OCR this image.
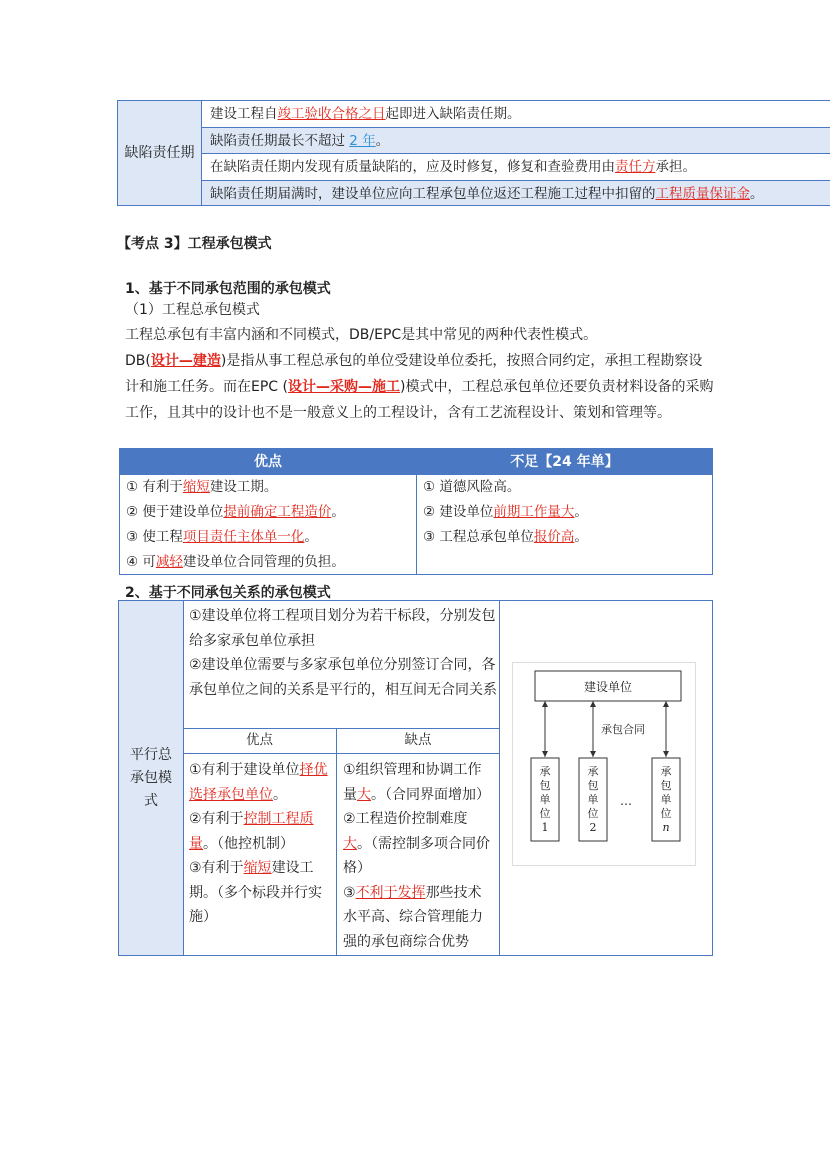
缺陷责任期
建设工程自竣工验收合格之日起即进入缺陷责任期。
缺陷责任期最长不超过 2 年。
在缺陷责任期内发现有质量缺陷的，应及时修复，修复和查验费用由责任方承担。
缺陷责任期届满时，建设单位应向工程承包单位返还工程施工过程中扣留的工程质量保证金。
【考点 3】工程承包模式
1、基于不同承包范围的承包模式
（1）工程总承包模式
工程总承包有丰富内涵和不同模式，DB/EPC是其中常见的两种代表性模式。
DB(设计—建造)是指从事工程总承包的单位受建设单位委托，按照合同约定，承担工程勘察设计和施工任务。而在EPC (设计—采购—施工)模式中，工程总承包单位还要负责材料设备的采购工作，且其中的设计也不是一般意义上的工程设计，含有工艺流程设计、策划和管理等。
优点	不足【24 年单】
① 有利于缩短建设工期。
② 便于建设单位提前确定工程造价。
③ 使工程项目责任主体单一化。
④ 可减轻建设单位合同管理的负担。
① 道德风险高。
② 建设单位前期工作量大。
③ 工程总承包单位报价高。
2、基于不同承包关系的承包模式
平行总承包模式
①建设单位将工程项目划分为若干标段，分别发包给多家承包单位承担
②建设单位需要与多家承包单位分别签订合同，各承包单位之间的关系是平行的，相互间无合同关系
优点	缺点
①有利于建设单位择优选择承包单位。
②有利于控制工程质量。（他控机制）
③有利于缩短建设工期。（多个标段并行实施）
①组织管理和协调工作量大。（合同界面增加）
②工程造价控制难度大。（需控制多项合同价格）
③不利于发挥那些技术水平高、综合管理能力强的承包商综合优势
建设单位
承包合同
…
承
包
单
位
1
承
包
单
位
2
承
包
单
位
n
